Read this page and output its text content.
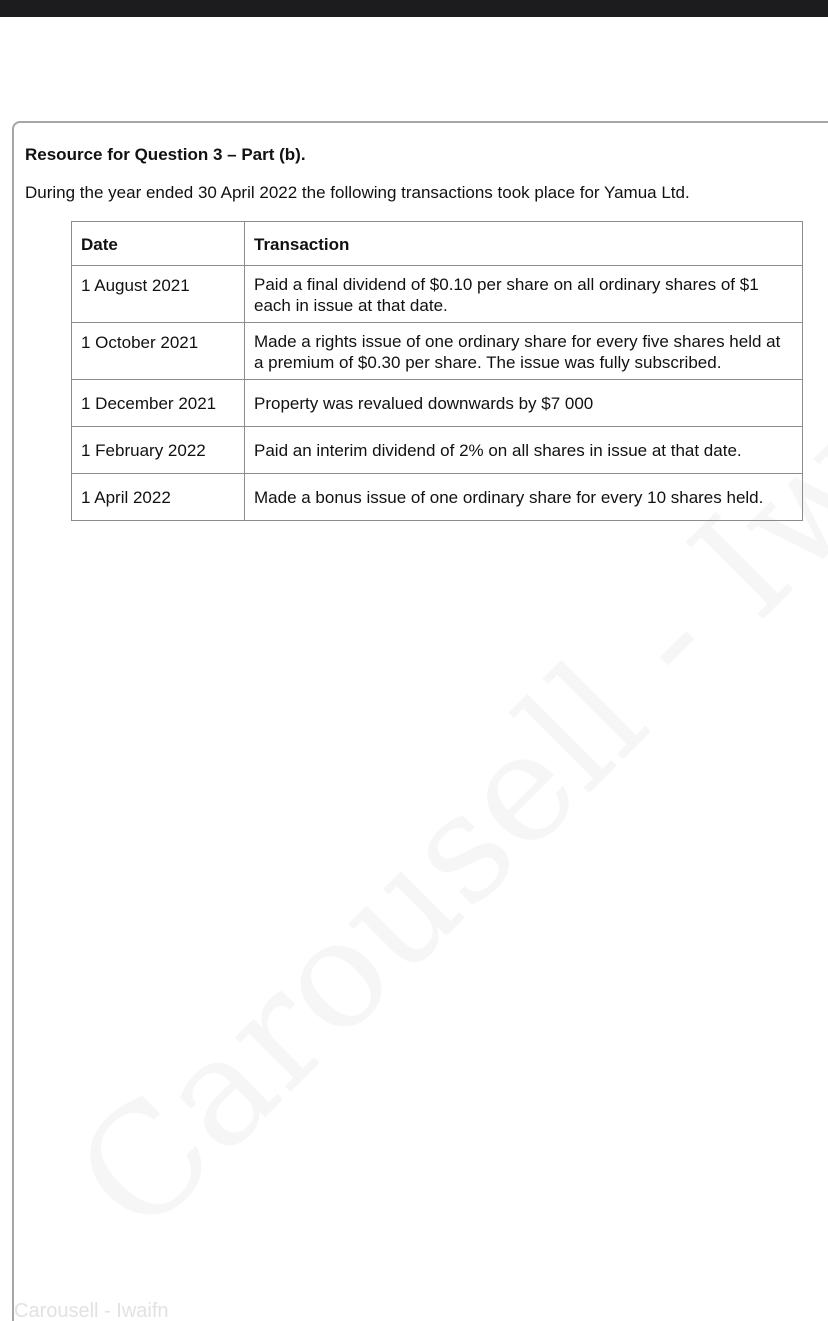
Resource for Question 3 – Part (b).

During the year ended 30 April 2022 the following transactions took place for Yamua Ltd.

Date	Transaction
1 August 2021	Paid a final dividend of $0.10 per share on all ordinary shares of $1 each in issue at that date.
1 October 2021	Made a rights issue of one ordinary share for every five shares held at a premium of $0.30 per share. The issue was fully subscribed.
1 December 2021	Property was revalued downwards by $7 000
1 February 2022	Paid an interim dividend of 2% on all shares in issue at that date.
1 April 2022	Made a bonus issue of one ordinary share for every 10 shares held.
Carousell - Iwaifn
